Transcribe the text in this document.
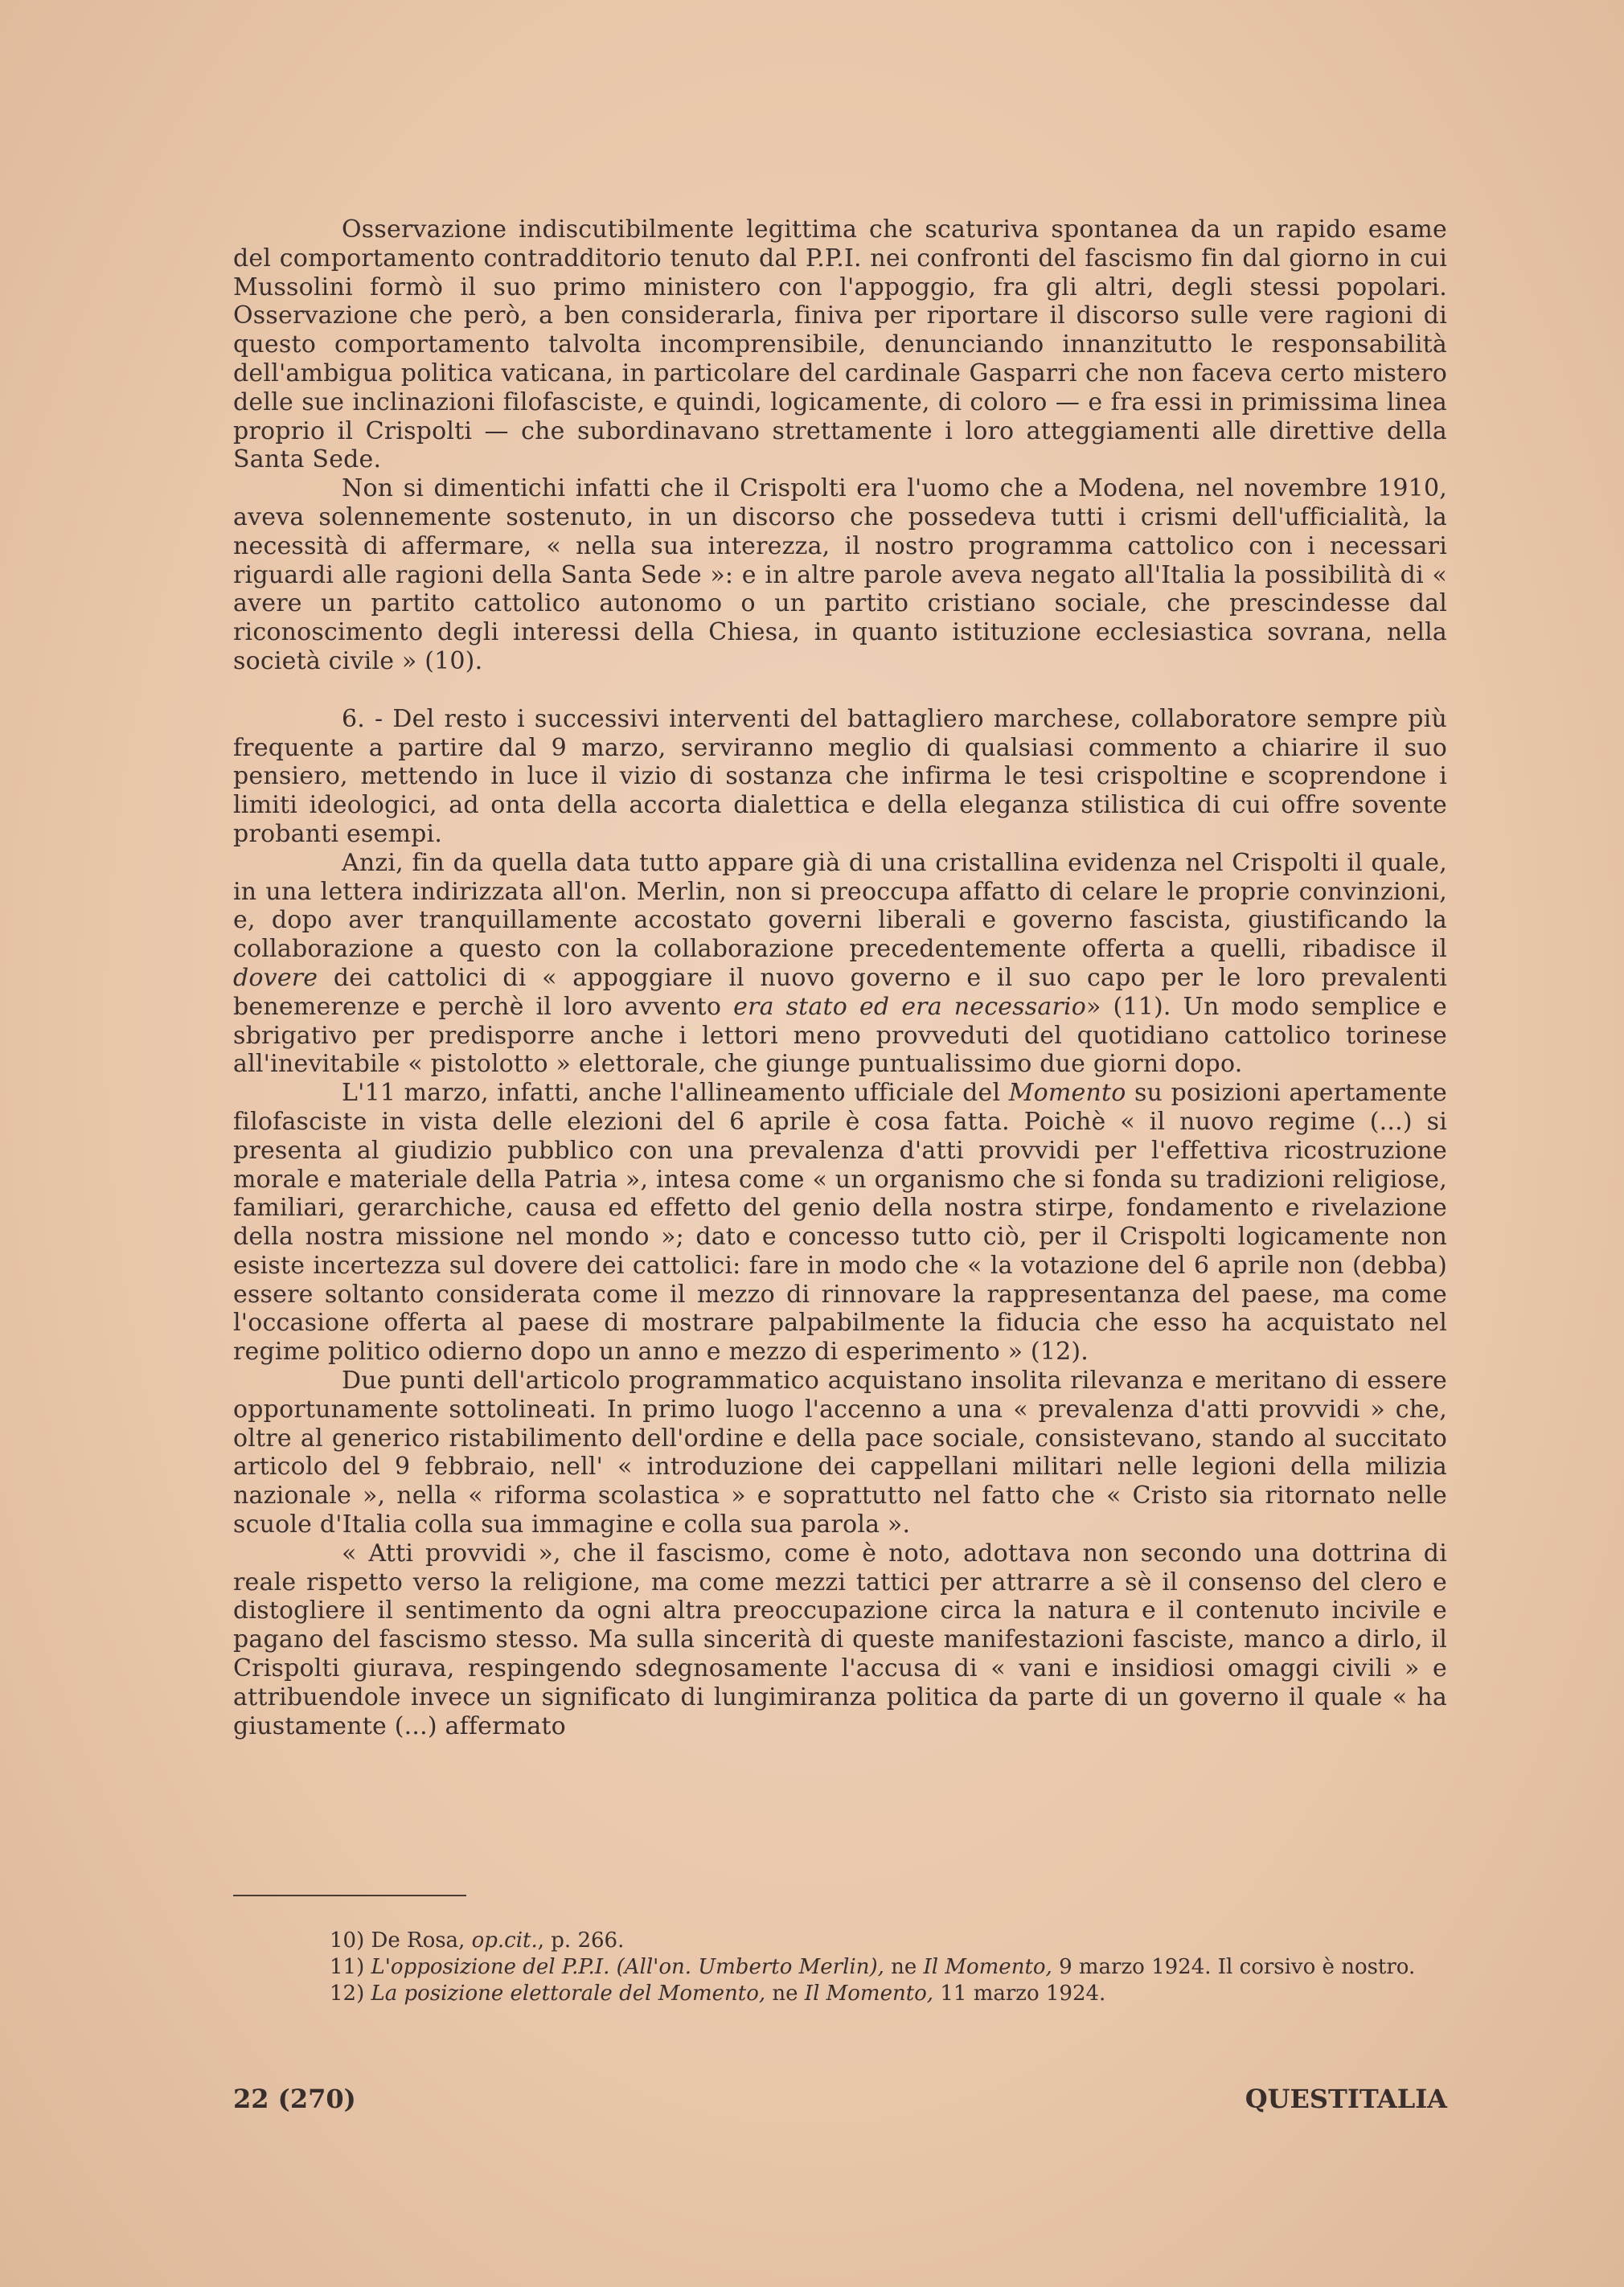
Osservazione indiscutibilmente legittima che scaturiva spontanea da un rapido esame del comportamento contradditorio tenuto dal P.P.I. nei confronti del fascismo fin dal giorno in cui Mussolini formò il suo primo ministero con l'appoggio, fra gli altri, degli stessi popolari. Osservazione che però, a ben considerarla, finiva per riportare il discorso sulle vere ragioni di questo comportamento talvolta incomprensibile, denunciando innanzitutto le responsabilità dell'ambigua politica vaticana, in particolare del cardinale Gasparri che non faceva certo mistero delle sue inclinazioni filofasciste, e quindi, logicamente, di coloro — e fra essi in primissima linea proprio il Crispolti — che subordinavano strettamente i loro atteggiamenti alle direttive della Santa Sede.

Non si dimentichi infatti che il Crispolti era l'uomo che a Modena, nel novembre 1910, aveva solennemente sostenuto, in un discorso che possedeva tutti i crismi dell'ufficialità, la necessità di affermare, « nella sua interezza, il nostro programma cattolico con i necessari riguardi alle ragioni della Santa Sede »: e in altre parole aveva negato all'Italia la possibilità di « avere un partito cattolico autonomo o un partito cristiano sociale, che prescindesse dal riconoscimento degli interessi della Chiesa, in quanto istituzione ecclesiastica sovrana, nella società civile » (10).

6. - Del resto i successivi interventi del battagliero marchese, collaboratore sempre più frequente a partire dal 9 marzo, serviranno meglio di qualsiasi commento a chiarire il suo pensiero, mettendo in luce il vizio di sostanza che infirma le tesi crispoltine e scoprendone i limiti ideologici, ad onta della accorta dialettica e della eleganza stilistica di cui offre sovente probanti esempi.

Anzi, fin da quella data tutto appare già di una cristallina evidenza nel Crispolti il quale, in una lettera indirizzata all'on. Merlin, non si preoccupa affatto di celare le proprie convinzioni, e, dopo aver tranquillamente accostato governi liberali e governo fascista, giustificando la collaborazione a questo con la collaborazione precedentemente offerta a quelli, ribadisce il dovere dei cattolici di « appoggiare il nuovo governo e il suo capo per le loro prevalenti benemerenze e perchè il loro avvento era stato ed era necessario» (11). Un modo semplice e sbrigativo per predisporre anche i lettori meno provveduti del quotidiano cattolico torinese all'inevitabile « pistolotto » elettorale, che giunge puntualissimo due giorni dopo.

L'11 marzo, infatti, anche l'allineamento ufficiale del Momento su posizioni apertamente filofasciste in vista delle elezioni del 6 aprile è cosa fatta. Poichè « il nuovo regime (...) si presenta al giudizio pubblico con una prevalenza d'atti provvidi per l'effettiva ricostruzione morale e materiale della Patria », intesa come « un organismo che si fonda su tradizioni religiose, familiari, gerarchiche, causa ed effetto del genio della nostra stirpe, fondamento e rivelazione della nostra missione nel mondo »; dato e concesso tutto ciò, per il Crispolti logicamente non esiste incertezza sul dovere dei cattolici: fare in modo che « la votazione del 6 aprile non (debba) essere soltanto considerata come il mezzo di rinnovare la rappresentanza del paese, ma come l'occasione offerta al paese di mostrare palpabilmente la fiducia che esso ha acquistato nel regime politico odierno dopo un anno e mezzo di esperimento » (12).

Due punti dell'articolo programmatico acquistano insolita rilevanza e meritano di essere opportunamente sottolineati. In primo luogo l'accenno a una « prevalenza d'atti provvidi » che, oltre al generico ristabilimento dell'ordine e della pace sociale, consistevano, stando al succitato articolo del 9 febbraio, nell' « introduzione dei cappellani militari nelle legioni della milizia nazionale », nella « riforma scolastica » e soprattutto nel fatto che « Cristo sia ritornato nelle scuole d'Italia colla sua immagine e colla sua parola ».

« Atti provvidi », che il fascismo, come è noto, adottava non secondo una dottrina di reale rispetto verso la religione, ma come mezzi tattici per attrarre a sè il consenso del clero e distogliere il sentimento da ogni altra preoccupazione circa la natura e il contenuto incivile e pagano del fascismo stesso. Ma sulla sincerità di queste manifestazioni fasciste, manco a dirlo, il Crispolti giurava, respingendo sdegnosamente l'accusa di « vani e insidiosi omaggi civili » e attribuendole invece un significato di lungimiranza politica da parte di un governo il quale « ha giustamente (...) affermato

10) De Rosa, op.cit., p. 266.

11) L'opposizione del P.P.I. (All'on. Umberto Merlin), ne Il Momento, 9 marzo 1924. Il corsivo è nostro.

12) La posizione elettorale del Momento, ne Il Momento, 11 marzo 1924.

22 (270)	QUESTITALIA
